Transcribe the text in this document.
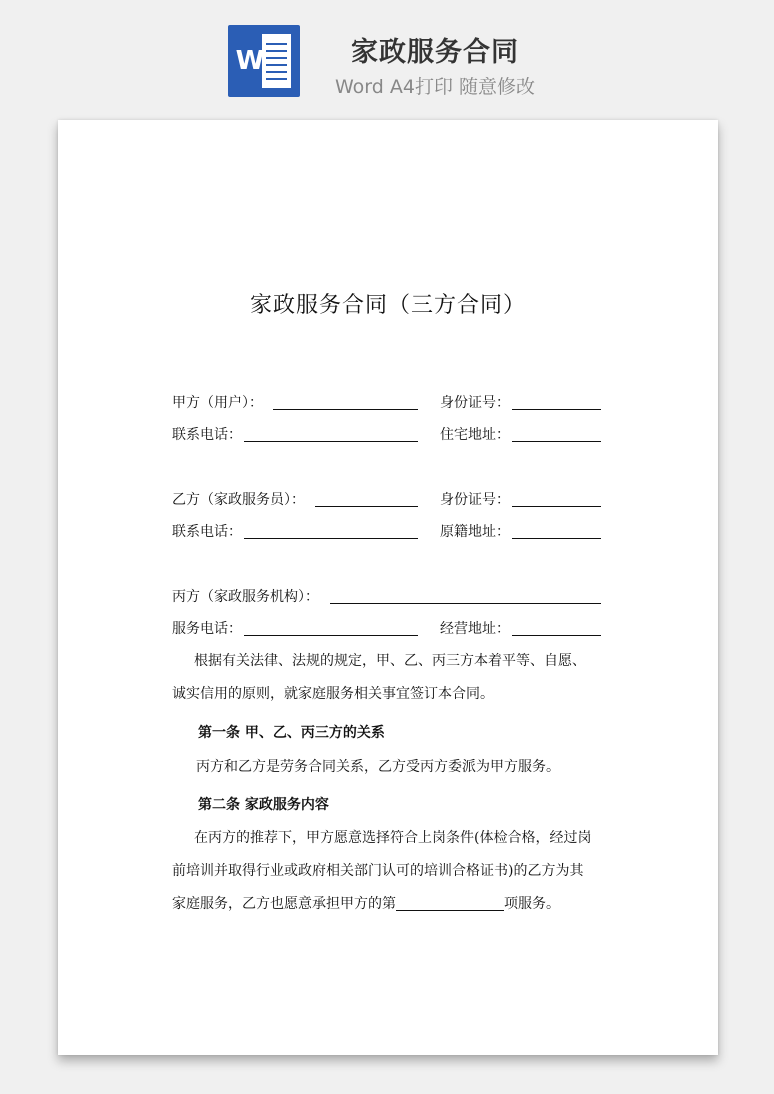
W	家政服务合同
Word A4打印 随意修改
家政服务合同（三方合同）
甲方（用户）：	身份证号：
联系电话：	住宅地址：
乙方（家政服务员）：	身份证号：
联系电话：	原籍地址：
丙方（家政服务机构）：
服务电话：	经营地址：
根据有关法律、法规的规定，甲、乙、丙三方本着平等、自愿、
诚实信用的原则，就家庭服务相关事宜签订本合同。
第一条 甲、乙、丙三方的关系
丙方和乙方是劳务合同关系，乙方受丙方委派为甲方服务。
第二条 家政服务内容
在丙方的推荐下，甲方愿意选择符合上岗条件(体检合格，经过岗
前培训并取得行业或政府相关部门认可的培训合格证书)的乙方为其
家庭服务，乙方也愿意承担甲方的第	项服务。
